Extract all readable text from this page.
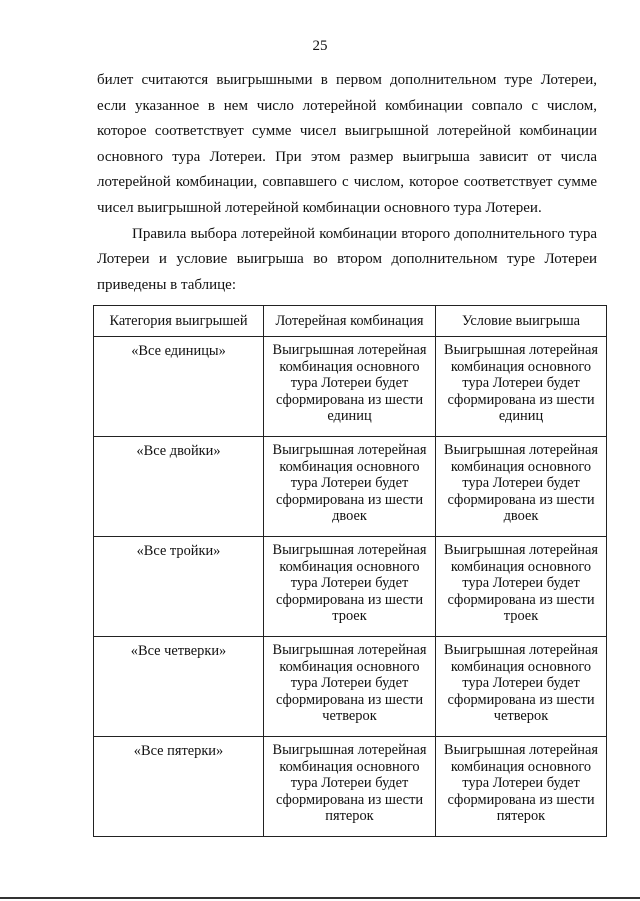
25

билет считаются выигрышными в первом дополнительном туре Лотереи, если указанное в нем число лотерейной комбинации совпало с числом, которое соответствует сумме чисел выигрышной лотерейной комбинации основного тура Лотереи. При этом размер выигрыша зависит от числа лотерейной комбинации, совпавшего с числом, которое соответствует сумме чисел выигрышной лотерейной комбинации основного тура Лотереи.

Правила выбора лотерейной комбинации второго дополнительного тура Лотереи и условие выигрыша во втором дополнительном туре Лотереи приведены в таблице:

Категория выигрышей	Лотерейная комбинация	Условие выигрыша
«Все единицы»	Выигрышная лотерейная комбинация основного тура Лотереи будет сформирована из шести единиц	Выигрышная лотерейная комбинация основного тура Лотереи будет сформирована из шести единиц
«Все двойки»	Выигрышная лотерейная комбинация основного тура Лотереи будет сформирована из шести двоек	Выигрышная лотерейная комбинация основного тура Лотереи будет сформирована из шести двоек
«Все тройки»	Выигрышная лотерейная комбинация основного тура Лотереи будет сформирована из шести троек	Выигрышная лотерейная комбинация основного тура Лотереи будет сформирована из шести троек
«Все четверки»	Выигрышная лотерейная комбинация основного тура Лотереи будет сформирована из шести четверок	Выигрышная лотерейная комбинация основного тура Лотереи будет сформирована из шести четверок
«Все пятерки»	Выигрышная лотерейная комбинация основного тура Лотереи будет сформирована из шести пятерок	Выигрышная лотерейная комбинация основного тура Лотереи будет сформирована из шести пятерок
